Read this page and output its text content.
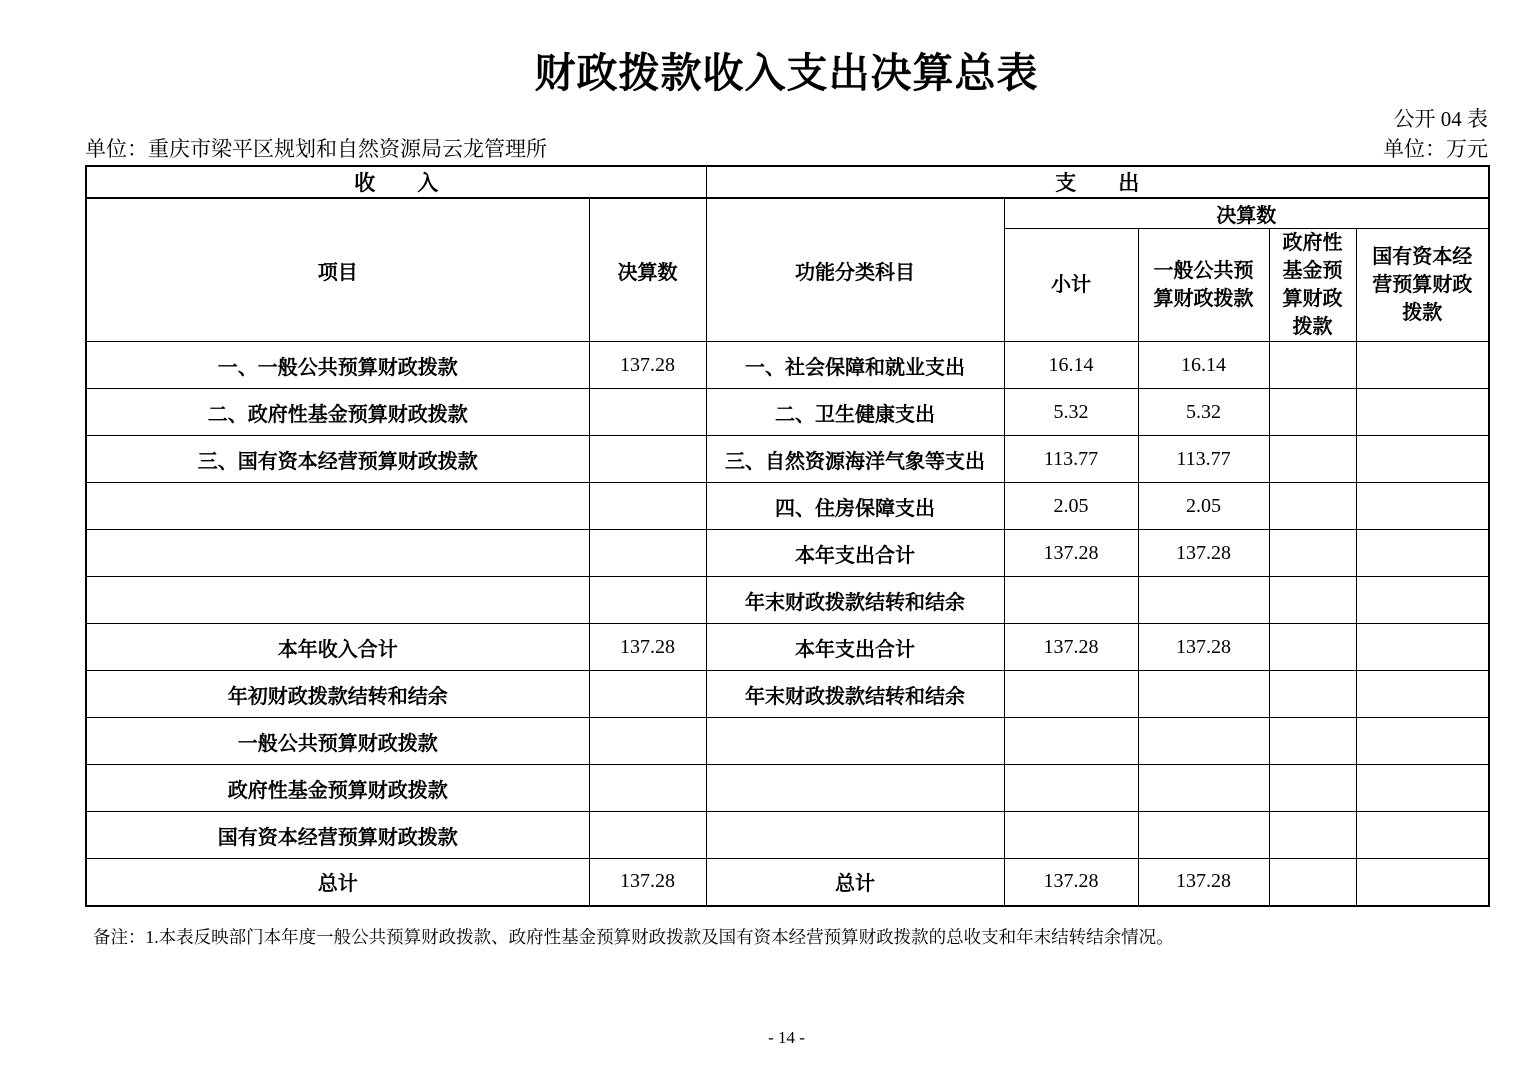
财政拨款收入支出决算总表
公开 04 表
单位：重庆市梁平区规划和自然资源局云龙管理所	单位：万元
收　　入		支　　出				
项目	决算数	功能分类科目	决算数			
			小计	一般公共预算财政拨款	政府性基金预算财政拨款	国有资本经营预算财政拨款
一、一般公共预算财政拨款	137.28	一、社会保障和就业支出	16.14	16.14		
二、政府性基金预算财政拨款		二、卫生健康支出	5.32	5.32		
三、国有资本经营预算财政拨款		三、自然资源海洋气象等支出	113.77	113.77		
		四、住房保障支出	2.05	2.05		
		本年支出合计	137.28	137.28		
		年末财政拨款结转和结余				
本年收入合计	137.28	本年支出合计	137.28	137.28		
年初财政拨款结转和结余		年末财政拨款结转和结余				
一般公共预算财政拨款						
政府性基金预算财政拨款						
国有资本经营预算财政拨款						
总计	137.28	总计	137.28	137.28		
备注：1.本表反映部门本年度一般公共预算财政拨款、政府性基金预算财政拨款及国有资本经营预算财政拨款的总收支和年末结转结余情况。
- 14 -
